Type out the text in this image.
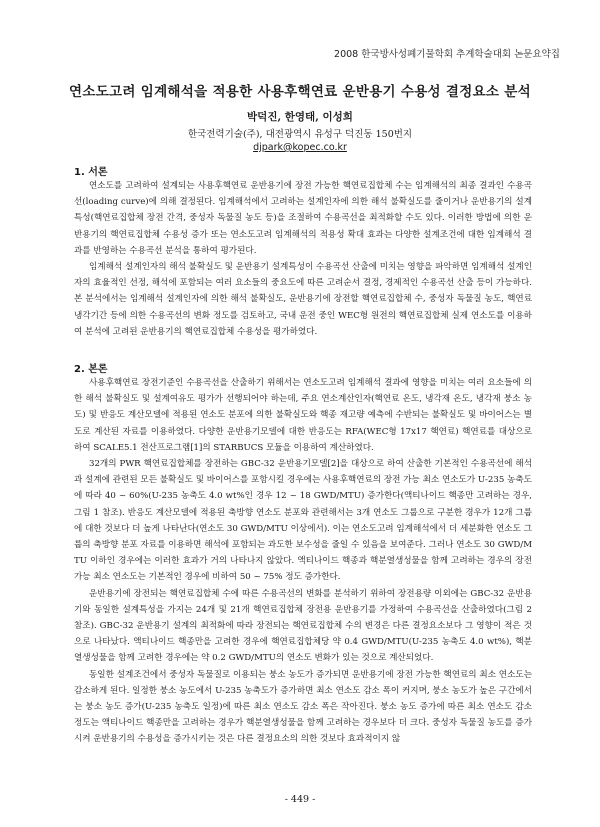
2008 한국방사성폐기물학회 추계학술대회 논문요약집
연소도고려 임계해석을 적용한 사용후핵연료 운반용기 수용성 결정요소 분석
박덕진, 한영태, 이성희
한국전력기술(주), 대전광역시 유성구 덕진동 150번지
djpark@kopec.co.kr
1. 서론

연소도를 고려하여 설계되는 사용후핵연료 운반용기에 장전 가능한 핵연료집합체 수는 임계해석의 최종 결과인 수용곡선(loading curve)에 의해 결정된다. 임계해석에서 고려하는 설계인자에 의한 해석 불확실도를 줄이거나 운반용기의 설계특성(핵연료집합체 장전 간격, 중성자 독물질 농도 등)을 조절하여 수용곡선을 최적화할 수도 있다. 이러한 방법에 의한 운반용기의 핵연료집합체 수용성 증가 또는 연소도고려 임계해석의 적용성 확대 효과는 다양한 설계조건에 대한 임계해석 결과를 반영하는 수용곡선 분석을 통하여 평가된다.

임계해석 설계인자의 해석 불확실도 및 운반용기 설계특성이 수용곡선 산출에 미치는 영향을 파악하면 임계해석 설계인자의 효율적인 선정, 해석에 포함되는 여러 요소들의 중요도에 따른 고려순서 결정, 경제적인 수용곡선 산출 등이 가능하다. 본 분석에서는 임계해석 설계인자에 의한 해석 불확실도, 운반용기에 장전할 핵연료집합체 수, 중성자 독물질 농도, 핵연료 냉각기간 등에 의한 수용곡선의 변화 정도를 검토하고, 국내 운전 중인 WEC형 원전의 핵연료집합체 실제 연소도를 이용하여 분석에 고려된 운반용기의 핵연료집합체 수용성을 평가하였다.

2. 본론

사용후핵연료 장전기준인 수용곡선을 산출하기 위해서는 연소도고려 임계해석 결과에 영향을 미치는 여러 요소들에 의한 해석 불확실도 및 설계여유도 평가가 선행되어야 하는데, 주요 연소계산인자(핵연료 온도, 냉각재 온도, 냉각재 붕소 농도) 및 반응도 계산모델에 적용된 연소도 분포에 의한 불확실도와 핵종 재고량 예측에 수반되는 불확실도 및 바이어스는 별도로 계산된 자료를 이용하였다. 다양한 운반용기모델에 대한 반응도는 RFA(WEC형 17x17 핵연료) 핵연료를 대상으로 하여 SCALE5.1 전산프로그램[1]의 STARBUCS 모듈을 이용하여 계산하였다.

32개의 PWR 핵연료집합체를 장전하는 GBC-32 운반용기모델[2]을 대상으로 하여 산출한 기본적인 수용곡선에 해석과 설계에 관련된 모든 불확실도 및 바이어스를 포함시킬 경우에는 사용후핵연료의 장전 가능 최소 연소도가 U-235 농축도에 따라 40 ~ 60%(U-235 농축도 4.0 wt%인 경우 12 ~ 18 GWD/MTU) 증가한다(액티나이드 핵종만 고려하는 경우, 그림 1 참조). 반응도 계산모델에 적용된 축방향 연소도 분포와 관련해서는 3개 연소도 그룹으로 구분한 경우가 12개 그룹에 대한 것보다 더 높게 나타난다(연소도 30 GWD/MTU 이상에서). 이는 연소도고려 임계해석에서 더 세분화한 연소도 그룹의 축방향 분포 자료를 이용하면 해석에 포함되는 과도한 보수성을 줄일 수 있음을 보여준다. 그러나 연소도 30 GWD/MTU 이하인 경우에는 이러한 효과가 거의 나타나지 않았다. 액티나이드 핵종과 핵분열생성물을 함께 고려하는 경우의 장전 가능 최소 연소도는 기본적인 경우에 비하여 50 ~ 75% 정도 증가한다.

운반용기에 장전되는 핵연료집합체 수에 따른 수용곡선의 변화를 분석하기 위하여 장전용량 이외에는 GBC-32 운반용기와 동일한 설계특성을 가지는 24개 및 21개 핵연료집합체 장전용 운반용기를 가정하여 수용곡선을 산출하였다(그림 2 참조). GBC-32 운반용기 설계의 최적화에 따라 장전되는 핵연료집합체 수의 변경은 다른 결정요소보다 그 영향이 적은 것으로 나타났다. 액티나이드 핵종만을 고려한 경우에 핵연료집합체당 약 0.4 GWD/MTU(U-235 농축도 4.0 wt%), 핵분열생성물을 함께 고려한 경우에는 약 0.2 GWD/MTU의 연소도 변화가 있는 것으로 계산되었다.

동일한 설계조건에서 중성자 독물질로 이용되는 붕소 농도가 증가되면 운반용기에 장전 가능한 핵연료의 최소 연소도는 감소하게 된다. 일정한 붕소 농도에서 U-235 농축도가 증가하면 최소 연소도 감소 폭이 커지며, 붕소 농도가 높은 구간에서는 붕소 농도 증가(U-235 농축도 일정)에 따른 최소 연소도 감소 폭은 작아진다. 붕소 농도 증가에 따른 최소 연소도 감소 정도는 액티나이드 핵종만을 고려하는 경우가 핵분열생성물을 함께 고려하는 경우보다 더 크다. 중성자 독물질 농도를 증가시켜 운반용기의 수용성을 증가시키는 것은 다른 결정요소의 의한 것보다 효과적이지 않

- 449 -
